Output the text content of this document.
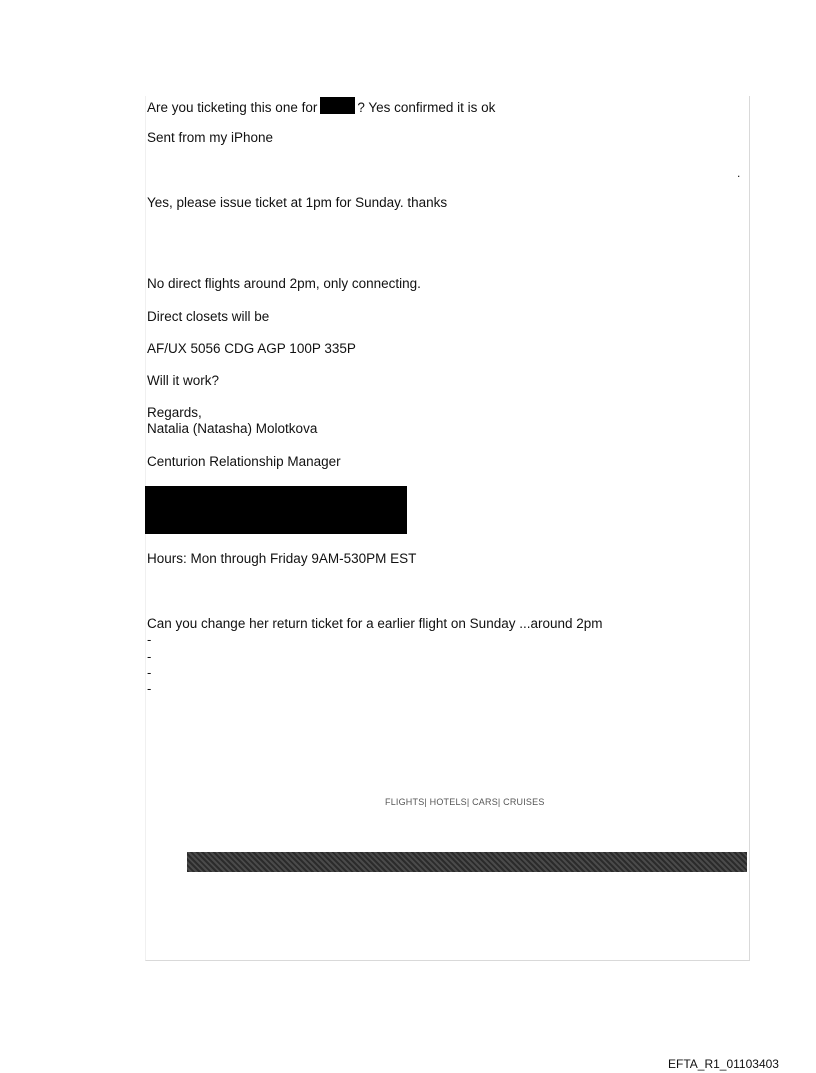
Are you ticketing this one for	? Yes confirmed it is ok
Sent from my iPhone
.
Yes, please issue ticket at 1pm for Sunday. thanks
No direct flights around 2pm, only connecting.
Direct closets will be
AF/UX 5056 CDG AGP 100P 335P
Will it work?
Regards,
Natalia (Natasha) Molotkova
Centurion Relationship Manager
Hours: Mon through Friday 9AM-530PM EST
Can you change her return ticket for a earlier flight on Sunday ...around 2pm
-
-
-
-
FLIGHTS| HOTELS| CARS| CRUISES
EFTA_R1_01103403
